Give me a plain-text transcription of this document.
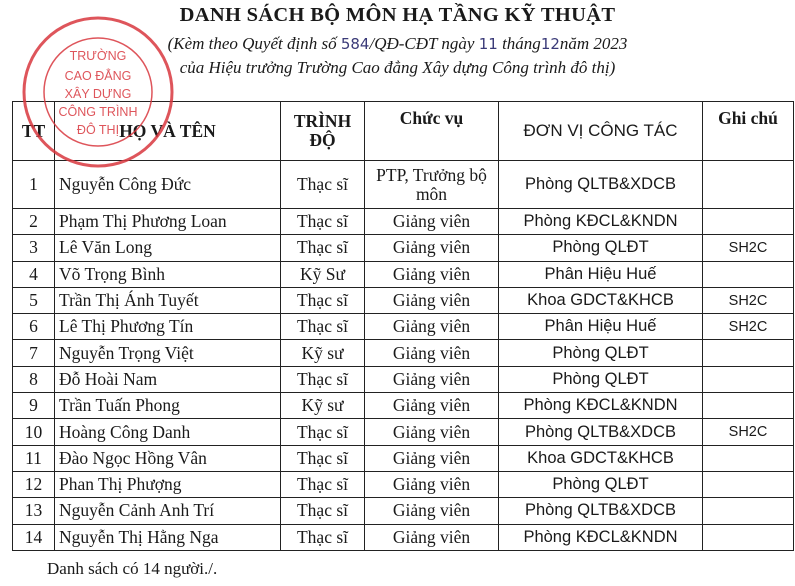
DANH SÁCH BỘ MÔN HẠ TẦNG KỸ THUẬT
(Kèm theo Quyết định số 584/QĐ-CĐT ngày 11 tháng12năm 2023
của Hiệu trưởng Trường Cao đẳng Xây dựng Công trình đô thị)
TT	HỌ VÀ TÊN	TRÌNH ĐỘ	Chức vụ	ĐƠN VỊ CÔNG TÁC	Ghi chú
1	Nguyễn Công Đức	Thạc sĩ	PTP, Trưởng bộ môn	Phòng QLTB&XDCB	
2	Phạm Thị Phương Loan	Thạc sĩ	Giảng viên	Phòng KĐCL&KNDN	
3	Lê Văn Long	Thạc sĩ	Giảng viên	Phòng QLĐT	SH2C
4	Võ Trọng Bình	Kỹ Sư	Giảng viên	Phân Hiệu Huế	
5	Trần Thị Ánh Tuyết	Thạc sĩ	Giảng viên	Khoa GDCT&KHCB	SH2C
6	Lê Thị Phương Tín	Thạc sĩ	Giảng viên	Phân Hiệu Huế	SH2C
7	Nguyễn Trọng Việt	Kỹ sư	Giảng viên	Phòng QLĐT	
8	Đỗ Hoài Nam	Thạc sĩ	Giảng viên	Phòng QLĐT	
9	Trần Tuấn Phong	Kỹ sư	Giảng viên	Phòng KĐCL&KNDN	
10	Hoàng Công Danh	Thạc sĩ	Giảng viên	Phòng QLTB&XDCB	SH2C
11	Đào Ngọc Hồng Vân	Thạc sĩ	Giảng viên	Khoa GDCT&KHCB	
12	Phan Thị Phượng	Thạc sĩ	Giảng viên	Phòng QLĐT	
13	Nguyễn Cảnh Anh Trí	Thạc sĩ	Giảng viên	Phòng QLTB&XDCB	
14	Nguyễn Thị Hằng Nga	Thạc sĩ	Giảng viên	Phòng KĐCL&KNDN	
Danh sách có 14 người./.
TRƯỜNG
CAO ĐẲNG
XÂY DỰNG
CÔNG TRÌNH
ĐÔ THỊ
